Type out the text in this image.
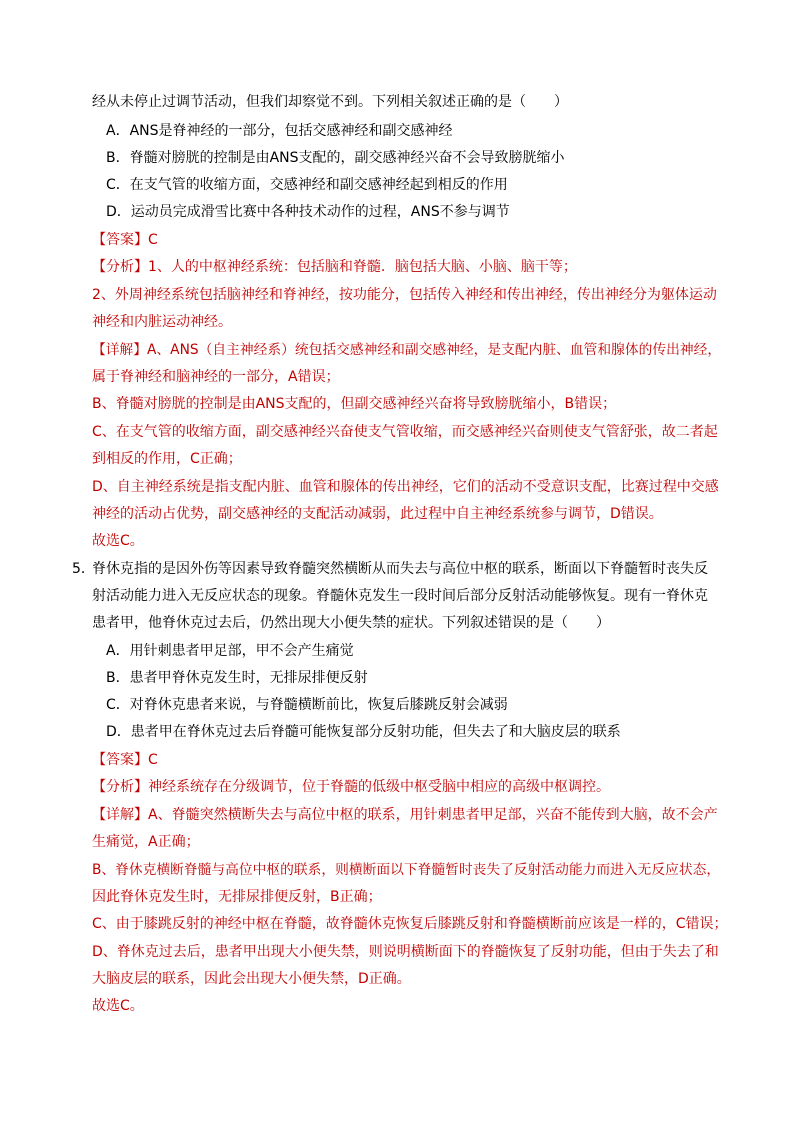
经从未停止过调节活动，但我们却察觉不到。下列相关叙述正确的是（　　）
A．ANS是脊神经的一部分，包括交感神经和副交感神经
B．脊髓对膀胱的控制是由ANS支配的，副交感神经兴奋不会导致膀胱缩小
C．在支气管的收缩方面，交感神经和副交感神经起到相反的作用
D．运动员完成滑雪比赛中各种技术动作的过程，ANS不参与调节
【答案】C
【分析】1、人的中枢神经系统：包括脑和脊髓．脑包括大脑、小脑、脑干等；
2、外周神经系统包括脑神经和脊神经，按功能分，包括传入神经和传出神经，传出神经分为躯体运动
神经和内脏运动神经。
【详解】A、ANS（自主神经系）统包括交感神经和副交感神经，是支配内脏、血管和腺体的传出神经，
属于脊神经和脑神经的一部分，A错误；
B、脊髓对膀胱的控制是由ANS支配的，但副交感神经兴奋将导致膀胱缩小，B错误；
C、在支气管的收缩方面，副交感神经兴奋使支气管收缩，而交感神经兴奋则使支气管舒张，故二者起
到相反的作用，C正确；
D、自主神经系统是指支配内脏、血管和腺体的传出神经，它们的活动不受意识支配，比赛过程中交感
神经的活动占优势，副交感神经的支配活动减弱，此过程中自主神经系统参与调节，D错误。
故选C。
5．
脊休克指的是因外伤等因素导致脊髓突然横断从而失去与高位中枢的联系，断面以下脊髓暂时丧失反
射活动能力进入无反应状态的现象。脊髓休克发生一段时间后部分反射活动能够恢复。现有一脊休克
患者甲，他脊休克过去后，仍然出现大小便失禁的症状。下列叙述错误的是（　　）
A．用针刺患者甲足部，甲不会产生痛觉
B．患者甲脊休克发生时，无排尿排便反射
C．对脊休克患者来说，与脊髓横断前比，恢复后膝跳反射会减弱
D．患者甲在脊休克过去后脊髓可能恢复部分反射功能，但失去了和大脑皮层的联系
【答案】C
【分析】神经系统存在分级调节，位于脊髓的低级中枢受脑中相应的高级中枢调控。
【详解】A、脊髓突然横断失去与高位中枢的联系，用针刺患者甲足部，兴奋不能传到大脑，故不会产
生痛觉，A正确；
B、脊休克横断脊髓与高位中枢的联系，则横断面以下脊髓暂时丧失了反射活动能力而进入无反应状态，
因此脊休克发生时，无排尿排便反射，B正确；
C、由于膝跳反射的神经中枢在脊髓，故脊髓休克恢复后膝跳反射和脊髓横断前应该是一样的，C错误；
D、脊休克过去后，患者甲出现大小便失禁，则说明横断面下的脊髓恢复了反射功能，但由于失去了和
大脑皮层的联系，因此会出现大小便失禁，D正确。
故选C。
